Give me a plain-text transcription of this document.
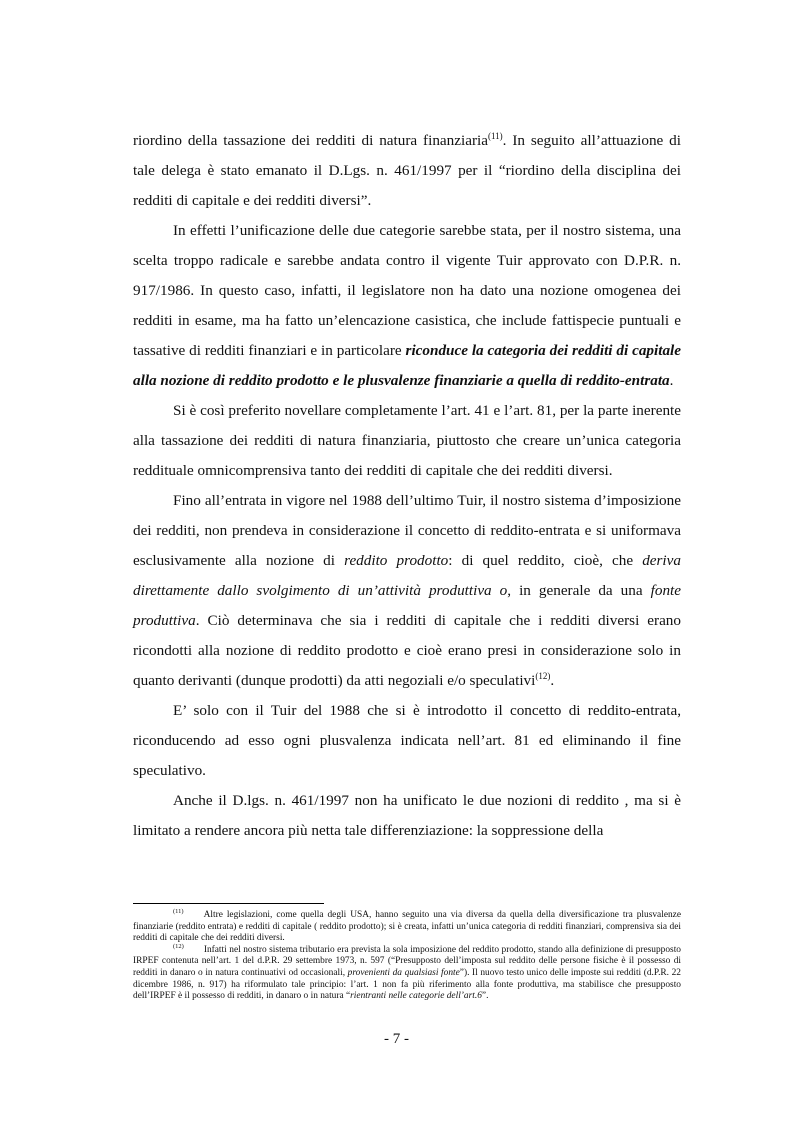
riordino della tassazione dei redditi di natura finanziaria$^{(11)}$. In seguito all’attuazione di tale delega è stato emanato il D.Lgs. n. 461/1997 per il “riordino della disciplina dei redditi di capitale e dei redditi diversi”.

In effetti l’unificazione delle due categorie sarebbe stata, per il nostro sistema, una scelta troppo radicale e sarebbe andata contro il vigente Tuir approvato con D.P.R. n. 917/1986. In questo caso, infatti, il legislatore non ha dato una nozione omogenea dei redditi in esame, ma ha fatto un’elencazione casistica, che include fattispecie puntuali e tassative di redditi finanziari e in particolare riconduce la categoria dei redditi di capitale alla nozione di reddito prodotto e le plusvalenze finanziarie a quella di reddito-entrata.

Si è così preferito novellare completamente l’art. 41 e l’art. 81, per la parte inerente alla tassazione dei redditi di natura finanziaria, piuttosto che creare un’unica categoria reddituale omnicomprensiva tanto dei redditi di capitale che dei redditi diversi.

Fino all’entrata in vigore nel 1988 dell’ultimo Tuir, il nostro sistema d’imposizione dei redditi, non prendeva in considerazione il concetto di reddito-entrata e si uniformava esclusivamente alla nozione di reddito prodotto: di quel reddito, cioè, che deriva direttamente dallo svolgimento di un’attività produttiva o, in generale da una fonte produttiva. Ciò determinava che sia i redditi di capitale che i redditi diversi erano ricondotti alla nozione di reddito prodotto e cioè erano presi in considerazione solo in quanto derivanti (dunque prodotti) da atti negoziali e/o speculativi$^{(12)}$.

E’ solo con il Tuir del 1988 che si è introdotto il concetto di reddito-entrata, riconducendo ad esso ogni plusvalenza indicata nell’art. 81 ed eliminando il fine speculativo.

Anche il D.lgs. n. 461/1997 non ha unificato le due nozioni di reddito , ma si è limitato a rendere ancora più netta tale differenziazione: la soppressione della

$^{(11)}$ Altre legislazioni, come quella degli USA, hanno seguito una via diversa da quella della diversificazione tra plusvalenze finanziarie (reddito entrata) e redditi di capitale ( reddito prodotto); si è creata, infatti un’unica categoria di redditi finanziari, comprensiva sia dei redditi di capitale che dei redditi diversi.

$^{(12)}$ Infatti nel nostro sistema tributario era prevista la sola imposizione del reddito prodotto, stando alla definizione di presupposto IRPEF contenuta nell’art. 1 del d.P.R. 29 settembre 1973, n. 597 (“Presupposto dell’imposta sul reddito delle persone fisiche è il possesso di redditi in danaro o in natura continuativi od occasionali, provenienti da qualsiasi fonte”). Il nuovo testo unico delle imposte sui redditi (d.P.R. 22 dicembre 1986, n. 917) ha riformulato tale principio: l’art. 1 non fa più riferimento alla fonte produttiva, ma stabilisce che presupposto dell’IRPEF è il possesso di redditi, in danaro o in natura “rientranti nelle categorie dell’art.6”.

- 7 -
